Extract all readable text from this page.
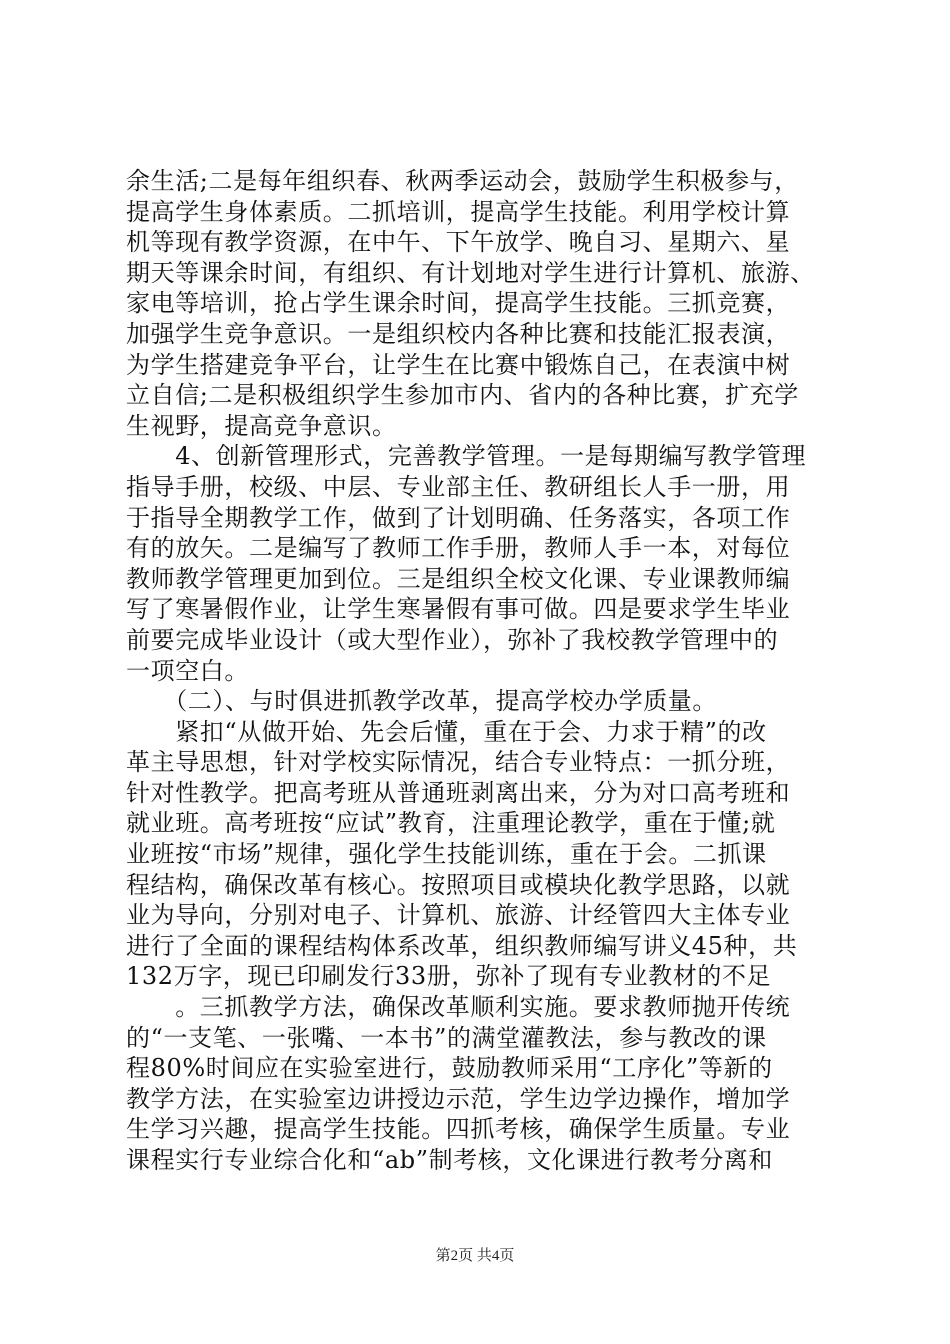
余生活;二是每年组织春、秋两季运动会，鼓励学生积极参与，
提高学生身体素质。二抓培训，提高学生技能。利用学校计算
机等现有教学资源，在中午、下午放学、晚自习、星期六、星
期天等课余时间，有组织、有计划地对学生进行计算机、旅游、
家电等培训，抢占学生课余时间，提高学生技能。三抓竞赛，
加强学生竞争意识。一是组织校内各种比赛和技能汇报表演，
为学生搭建竞争平台，让学生在比赛中锻炼自己，在表演中树
立自信;二是积极组织学生参加市内、省内的各种比赛，扩充学
生视野，提高竞争意识。
　　4、创新管理形式，完善教学管理。一是每期编写教学管理
指导手册，校级、中层、专业部主任、教研组长人手一册，用
于指导全期教学工作，做到了计划明确、任务落实，各项工作
有的放矢。二是编写了教师工作手册，教师人手一本，对每位
教师教学管理更加到位。三是组织全校文化课、专业课教师编
写了寒暑假作业，让学生寒暑假有事可做。四是要求学生毕业
前要完成毕业设计（或大型作业），弥补了我校教学管理中的
一项空白。
　　（二）、与时俱进抓教学改革，提高学校办学质量。
　　紧扣“从做开始、先会后懂，重在于会、力求于精”的改
革主导思想，针对学校实际情况，结合专业特点：一抓分班，
针对性教学。把高考班从普通班剥离出来，分为对口高考班和
就业班。高考班按“应试”教育，注重理论教学，重在于懂;就
业班按“市场”规律，强化学生技能训练，重在于会。二抓课
程结构，确保改革有核心。按照项目或模块化教学思路，以就
业为导向，分别对电子、计算机、旅游、计经管四大主体专业
进行了全面的课程结构体系改革，组织教师编写讲义45种，共
132万字，现已印刷发行33册，弥补了现有专业教材的不足
　　。三抓教学方法，确保改革顺利实施。要求教师抛开传统
的“一支笔、一张嘴、一本书”的满堂灌教法，参与教改的课
程80%时间应在实验室进行，鼓励教师采用“工序化”等新的
教学方法，在实验室边讲授边示范，学生边学边操作，增加学
生学习兴趣，提高学生技能。四抓考核，确保学生质量。专业
课程实行专业综合化和“ab”制考核，文化课进行教考分离和
第2页 共4页
